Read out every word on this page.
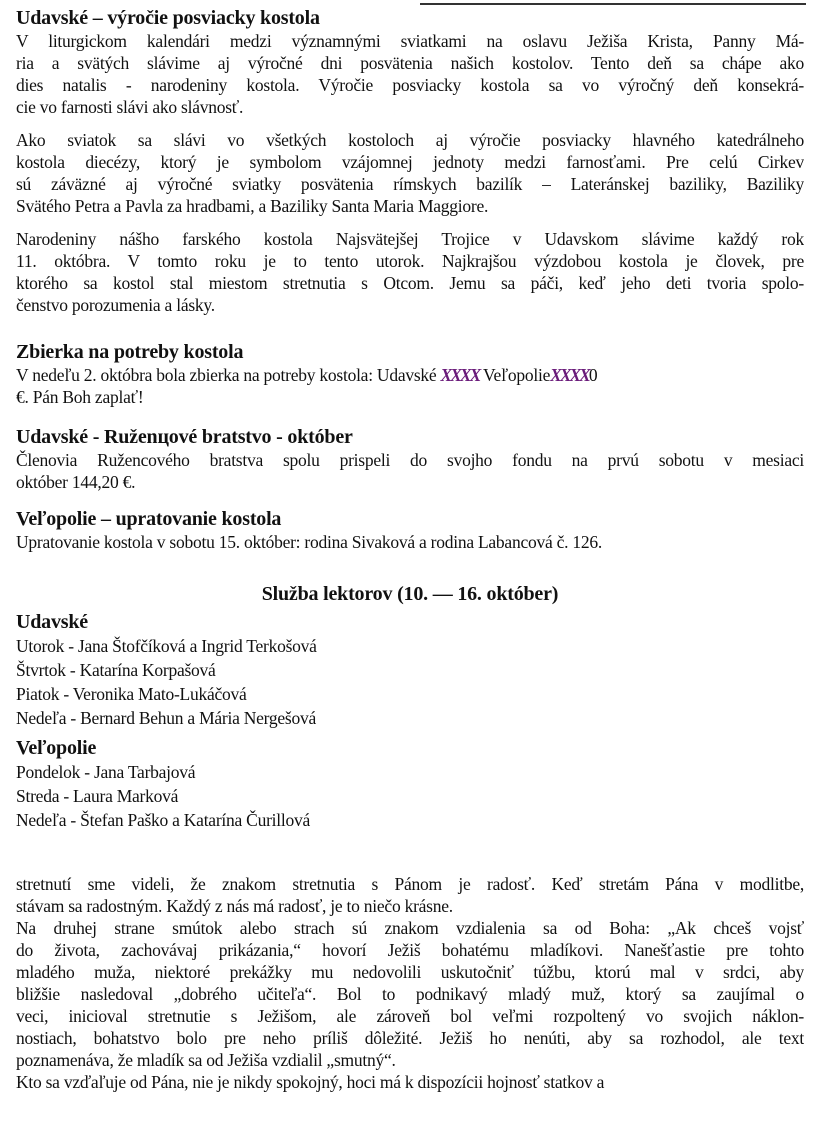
Udavské – výročie posviacky kostola
V liturgickom kalendári medzi významnými sviatkami na oslavu Ježiša Krista, Panny Má-
ria a svätých slávime aj výročné dni posvätenia našich kostolov. Tento deň sa chápe ako
dies natalis - narodeniny kostola. Výročie posviacky kostola sa vo výročný deň konsekrá-
cie vo farnosti slávi ako slávnosť.
Ako sviatok sa slávi vo všetkých kostoloch aj výročie posviacky hlavného katedrálneho
kostola diecézy, ktorý je symbolom vzájomnej jednoty medzi farnosťami. Pre celú Cirkev
sú záväzné aj výročné sviatky posvätenia rímskych bazilík – Lateránskej baziliky, Baziliky
Svätého Petra a Pavla za hradbami, a Baziliky Santa Maria Maggiore.
Narodeniny nášho farského kostola Najsvätejšej Trojice v Udavskom slávime každý rok
11. októbra. V tomto roku je to tento utorok. Najkrajšou výzdobou kostola je človek, pre
ktorého sa kostol stal miestom stretnutia s Otcom. Jemu sa páči, keď jeho deti tvoria spolo-
čenstvo porozumenia a lásky.
Zbierka na potreby kostola
V nedeľu 2. októbra bola zbierka na potreby kostola: Udavské XXXX VeľopolieXXXX0
€. Pán Boh zaplať!
Udavské - Ruženцové bratstvo - október
Členovia Ružencového bratstva spolu prispeli do svojho fondu na prvú sobotu v mesiaci
október 144,20 €.
Veľopolie – upratovanie kostola
Upratovanie kostola v sobotu 15. október: rodina Sivaková a rodina Labancová č. 126.
Služba lektorov (10. — 16. október)
Udavské
Utorok - Jana Štofčíková a Ingrid Terkošová
Štvrtok - Katarína Korpašová
Piatok - Veronika Mato-Lukáčová
Nedeľa - Bernard Behun a Mária Nergešová
Veľopolie
Pondelok - Jana Tarbajová
Streda - Laura Marková
Nedeľa - Štefan Paško a Katarína Čurillová
stretnutí sme videli, že znakom stretnutia s Pánom je radosť. Keď stretám Pána v modlitbe,
stávam sa radostným. Každý z nás má radosť, je to niečo krásne.
Na druhej strane smútok alebo strach sú znakom vzdialenia sa od Boha: „Ak chceš vojsť
do života, zachovávaj prikázania,“ hovorí Ježiš bohatému mladíkovi. Nanešťastie pre tohto
mladého muža, niektoré prekážky mu nedovolili uskutočniť túžbu, ktorú mal v srdci, aby
bližšie nasledoval „dobrého učiteľa“. Bol to podnikavý mladý muž, ktorý sa zaujímal o
veci, inicioval stretnutie s Ježišom, ale zároveň bol veľmi rozpoltený vo svojich náklon-
nostiach, bohatstvo bolo pre neho príliš dôležité. Ježiš ho nenúti, aby sa rozhodol, ale text
poznamenáva, že mladík sa od Ježiša vzdialil „smutný“.
Kto sa vzďaľuje od Pána, nie je nikdy spokojný, hoci má k dispozícii hojnosť statkov a
